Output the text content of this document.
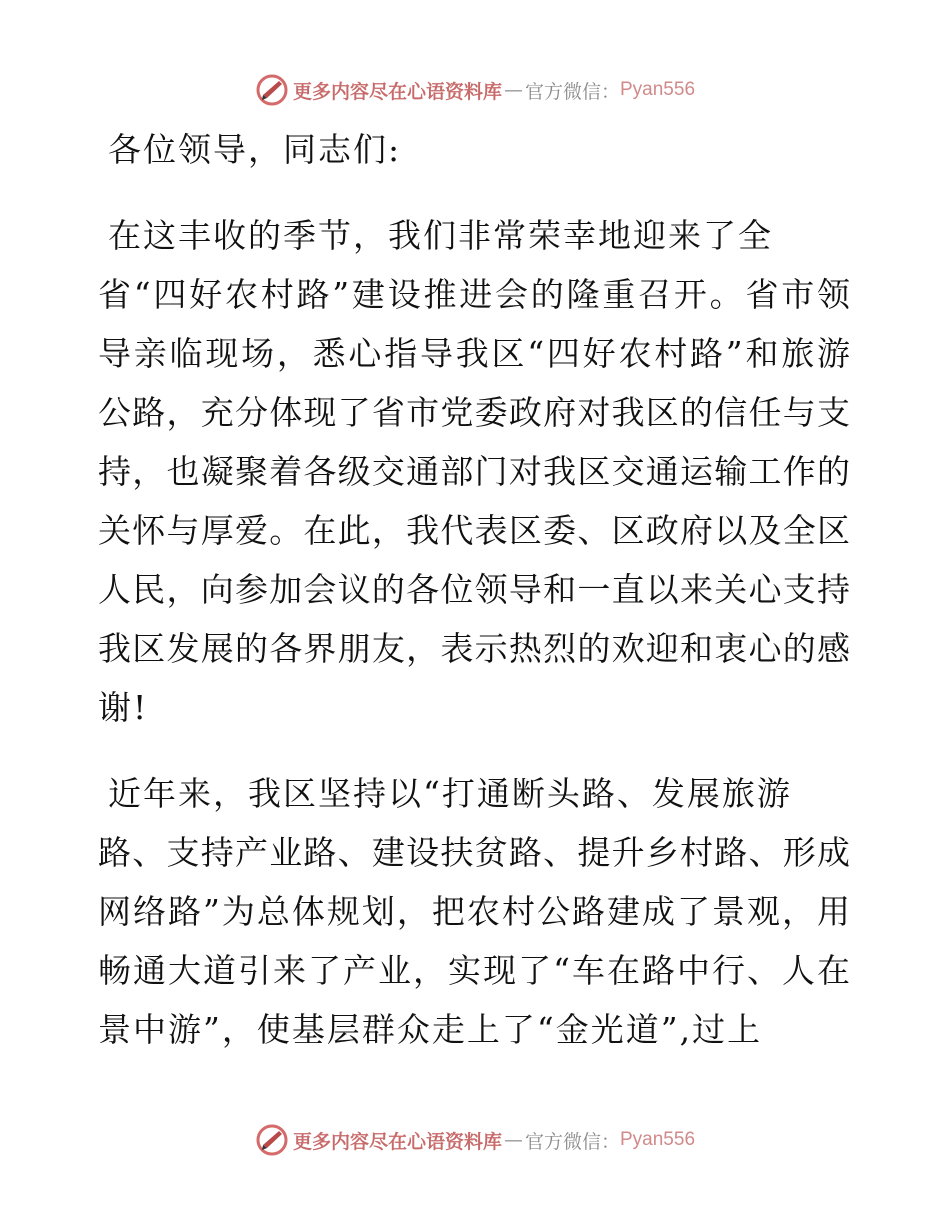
更多内容尽在心语资料库 — 官方微信： Pyan556
各位领导，同志们:
在这丰收的季节，我们非常荣幸地迎来了全
省“四好农村路”建设推进会的隆重召开。省市领
导亲临现场，悉心指导我区“四好农村路”和旅游
公路，充分体现了省市党委政府对我区的信任与支
持，也凝聚着各级交通部门对我区交通运输工作的
关怀与厚爱。在此，我代表区委、区政府以及全区
人民，向参加会议的各位领导和一直以来关心支持
我区发展的各界朋友，表示热烈的欢迎和衷心的感
谢!
近年来，我区坚持以“打通断头路、发展旅游
路、支持产业路、建设扶贫路、提升乡村路、形成
网络路”为总体规划，把农村公路建成了景观，用
畅通大道引来了产业，实现了“车在路中行、人在
景中游”，使基层群众走上了“金光道”,过上
更多内容尽在心语资料库 — 官方微信： Pyan556
